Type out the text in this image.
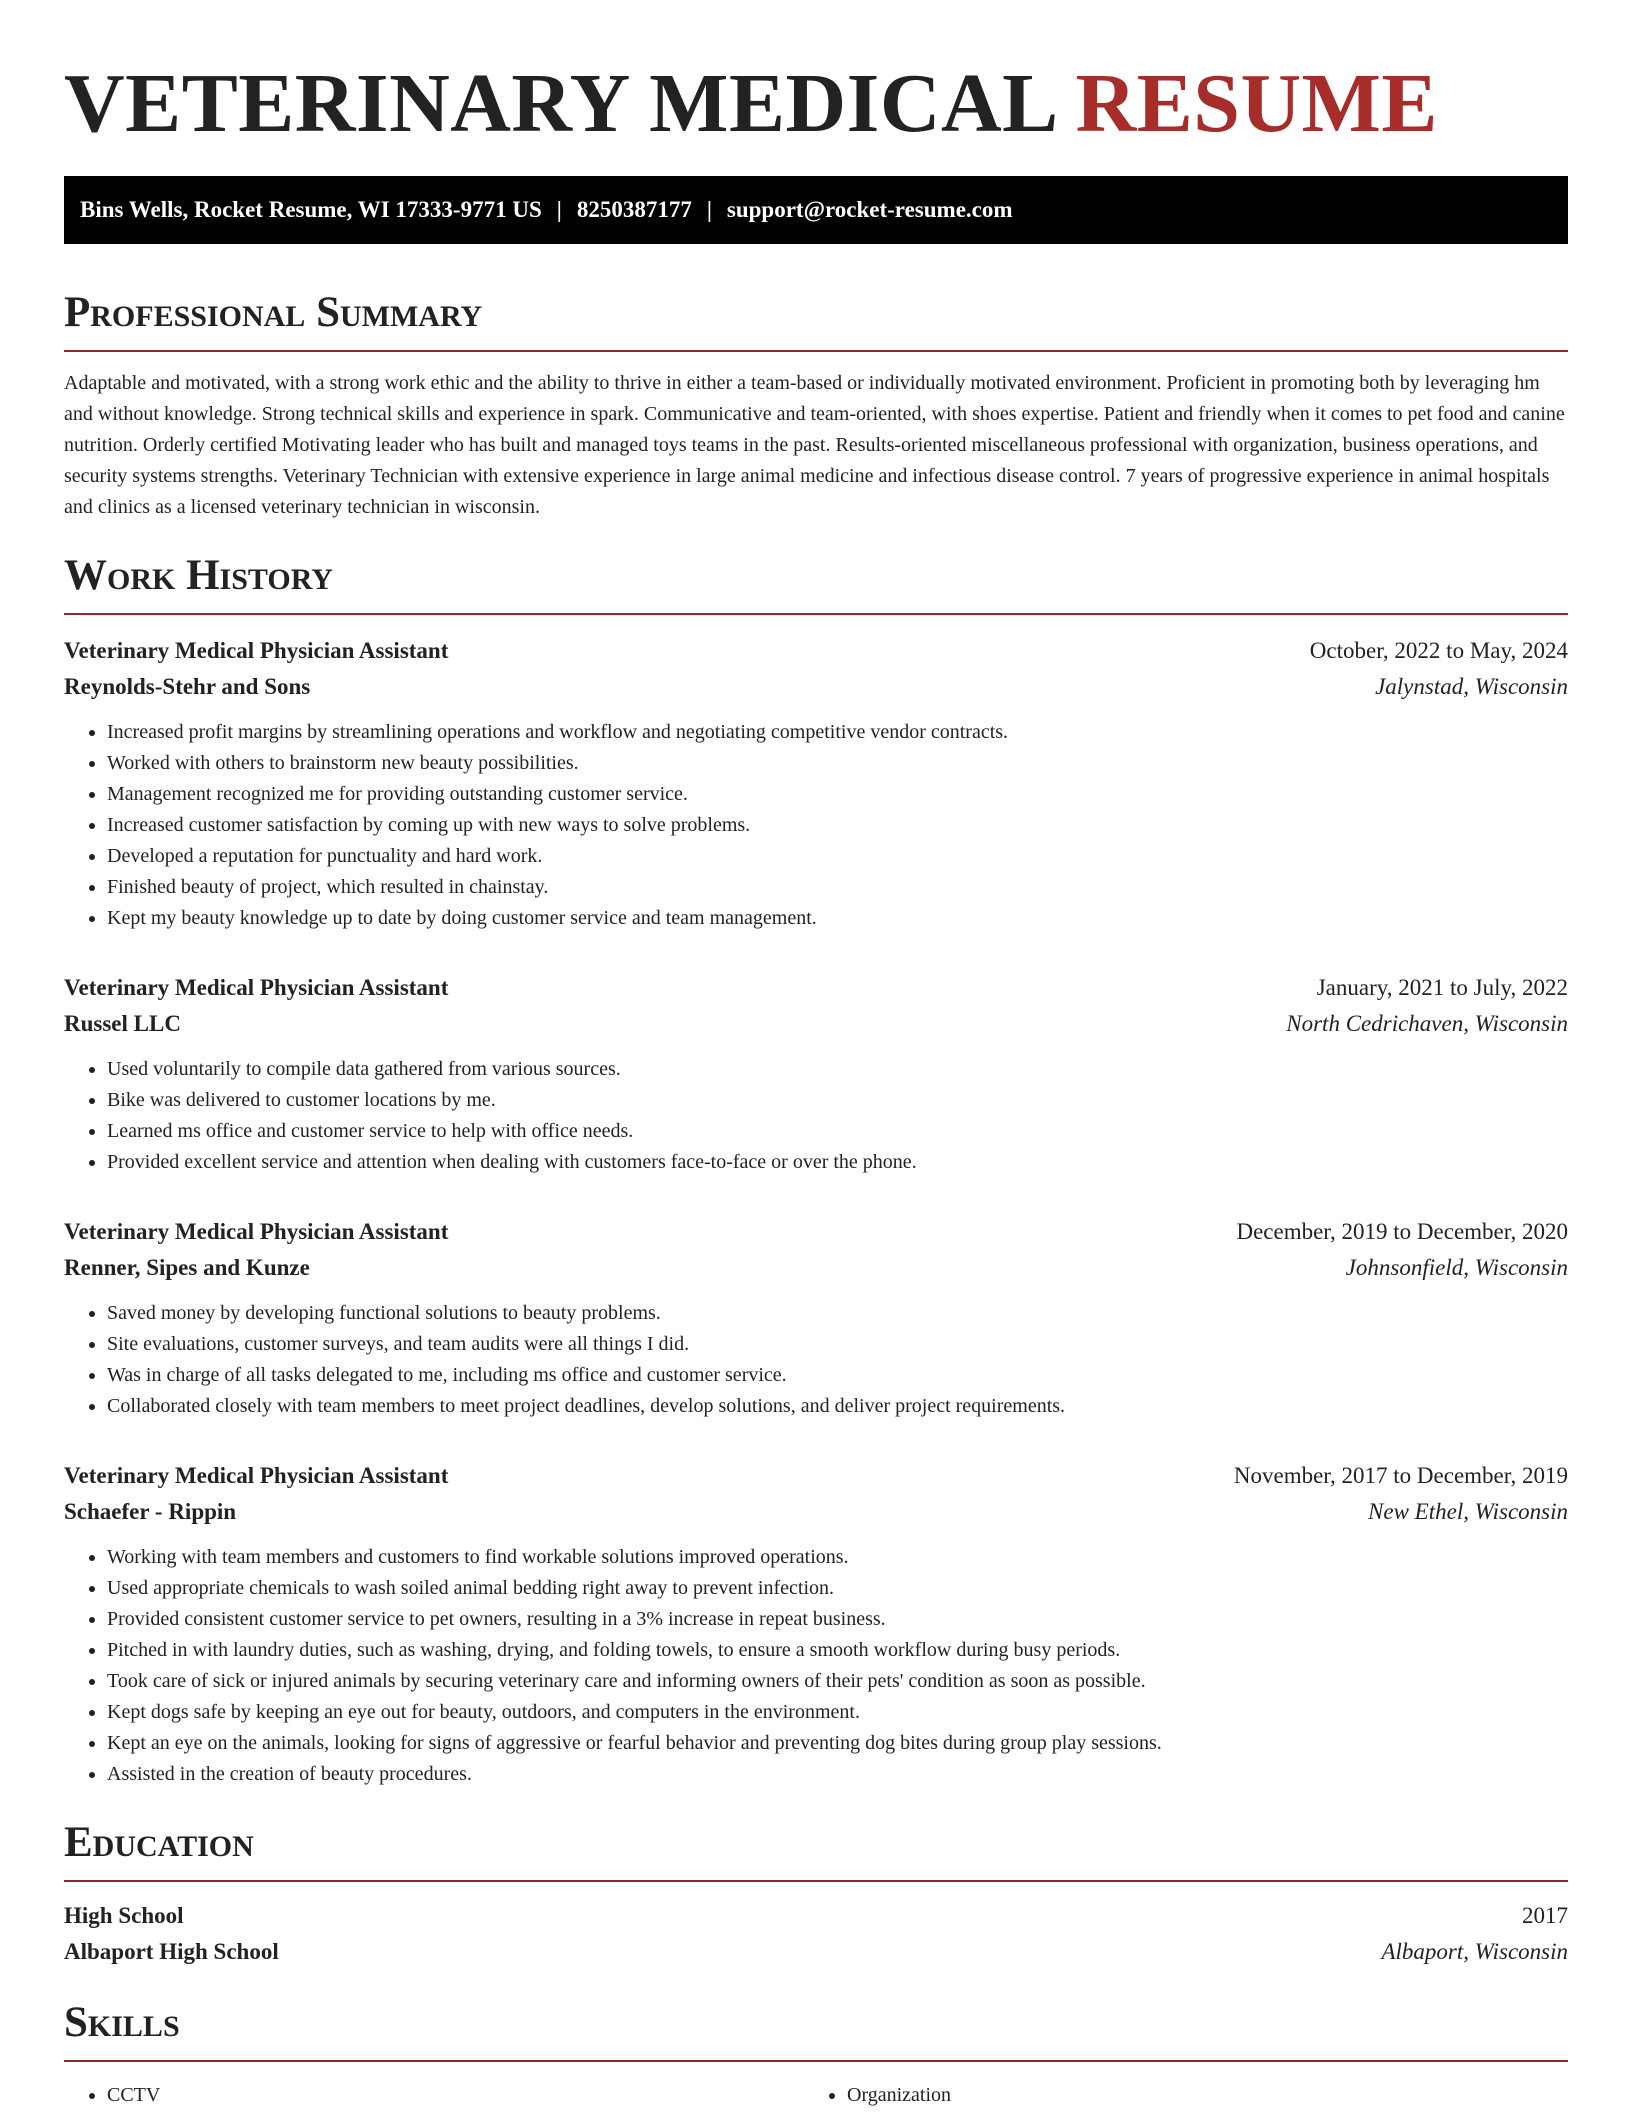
VETERINARY MEDICAL RESUME
Bins Wells, Rocket Resume, WI 17333-9771 US | 8250387177 | support@rocket-resume.com
Professional Summary

Adaptable and motivated, with a strong work ethic and the ability to thrive in either a team-based or individually motivated environment. Proficient in promoting both by leveraging hm and without knowledge. Strong technical skills and experience in spark. Communicative and team-oriented, with shoes expertise. Patient and friendly when it comes to pet food and canine nutrition. Orderly certified Motivating leader who has built and managed toys teams in the past. Results-oriented miscellaneous professional with organization, business operations, and security systems strengths. Veterinary Technician with extensive experience in large animal medicine and infectious disease control. 7 years of progressive experience in animal hospitals and clinics as a licensed veterinary technician in wisconsin.

Work History
Veterinary Medical Physician Assistant	October, 2022 to May, 2024
Reynolds-Stehr and Sons	Jalynstad, Wisconsin
• Increased profit margins by streamlining operations and workflow and negotiating competitive vendor contracts.
• Worked with others to brainstorm new beauty possibilities.
• Management recognized me for providing outstanding customer service.
• Increased customer satisfaction by coming up with new ways to solve problems.
• Developed a reputation for punctuality and hard work.
• Finished beauty of project, which resulted in chainstay.
• Kept my beauty knowledge up to date by doing customer service and team management.
Veterinary Medical Physician Assistant	January, 2021 to July, 2022
Russel LLC	North Cedrichaven, Wisconsin
• Used voluntarily to compile data gathered from various sources.
• Bike was delivered to customer locations by me.
• Learned ms office and customer service to help with office needs.
• Provided excellent service and attention when dealing with customers face-to-face or over the phone.
Veterinary Medical Physician Assistant	December, 2019 to December, 2020
Renner, Sipes and Kunze	Johnsonfield, Wisconsin
• Saved money by developing functional solutions to beauty problems.
• Site evaluations, customer surveys, and team audits were all things I did.
• Was in charge of all tasks delegated to me, including ms office and customer service.
• Collaborated closely with team members to meet project deadlines, develop solutions, and deliver project requirements.
Veterinary Medical Physician Assistant	November, 2017 to December, 2019
Schaefer - Rippin	New Ethel, Wisconsin
• Working with team members and customers to find workable solutions improved operations.
• Used appropriate chemicals to wash soiled animal bedding right away to prevent infection.
• Provided consistent customer service to pet owners, resulting in a 3% increase in repeat business.
• Pitched in with laundry duties, such as washing, drying, and folding towels, to ensure a smooth workflow during busy periods.
• Took care of sick or injured animals by securing veterinary care and informing owners of their pets' condition as soon as possible.
• Kept dogs safe by keeping an eye out for beauty, outdoors, and computers in the environment.
• Kept an eye on the animals, looking for signs of aggressive or fearful behavior and preventing dog bites during group play sessions.
• Assisted in the creation of beauty procedures.
Education
High School	2017
Albaport High School	Albaport, Wisconsin
Skills
• CCTV
•	Organization
